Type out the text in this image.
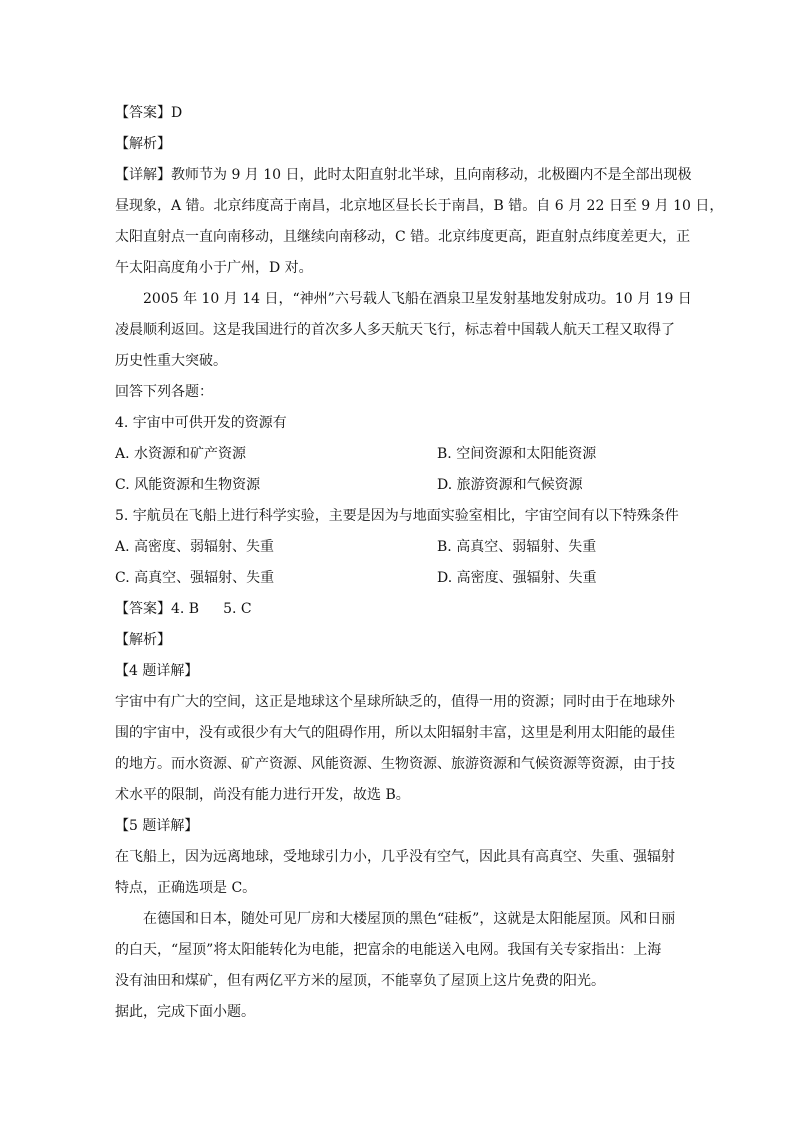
【答案】D
【解析】
【详解】教师节为 9 月 10 日，此时太阳直射北半球，且向南移动，北极圈内不是全部出现极
昼现象，A 错。北京纬度高于南昌，北京地区昼长长于南昌，B 错。自 6 月 22 日至 9 月 10 日，
太阳直射点一直向南移动，且继续向南移动，C 错。北京纬度更高，距直射点纬度差更大，正
午太阳高度角小于广州，D 对。
2005 年 10 月 14 日，“神州”六号载人飞船在酒泉卫星发射基地发射成功。10 月 19 日
凌晨顺利返回。这是我国进行的首次多人多天航天飞行，标志着中国载人航天工程又取得了
历史性重大突破。
回答下列各题：
4. 宇宙中可供开发的资源有
A. 水资源和矿产资源	B. 空间资源和太阳能资源
C. 风能资源和生物资源	D. 旅游资源和气候资源
5. 宇航员在飞船上进行科学实验，主要是因为与地面实验室相比，宇宙空间有以下特殊条件
A. 高密度、弱辐射、失重	B. 高真空、弱辐射、失重
C. 高真空、强辐射、失重	D. 高密度、强辐射、失重
【答案】4. B 5. C
【解析】
【4 题详解】
宇宙中有广大的空间，这正是地球这个星球所缺乏的，值得一用的资源；同时由于在地球外
围的宇宙中，没有或很少有大气的阻碍作用，所以太阳辐射丰富，这里是利用太阳能的最佳
的地方。而水资源、矿产资源、风能资源、生物资源、旅游资源和气候资源等资源，由于技
术水平的限制，尚没有能力进行开发，故选 B。
【5 题详解】
在飞船上，因为远离地球，受地球引力小，几乎没有空气，因此具有高真空、失重、强辐射
特点，正确选项是 C。
在德国和日本，随处可见厂房和大楼屋顶的黑色“硅板”，这就是太阳能屋顶。风和日丽
的白天，“屋顶”将太阳能转化为电能，把富余的电能送入电网。我国有关专家指出：上海
没有油田和煤矿，但有两亿平方米的屋顶，不能辜负了屋顶上这片免费的阳光。
据此，完成下面小题。
